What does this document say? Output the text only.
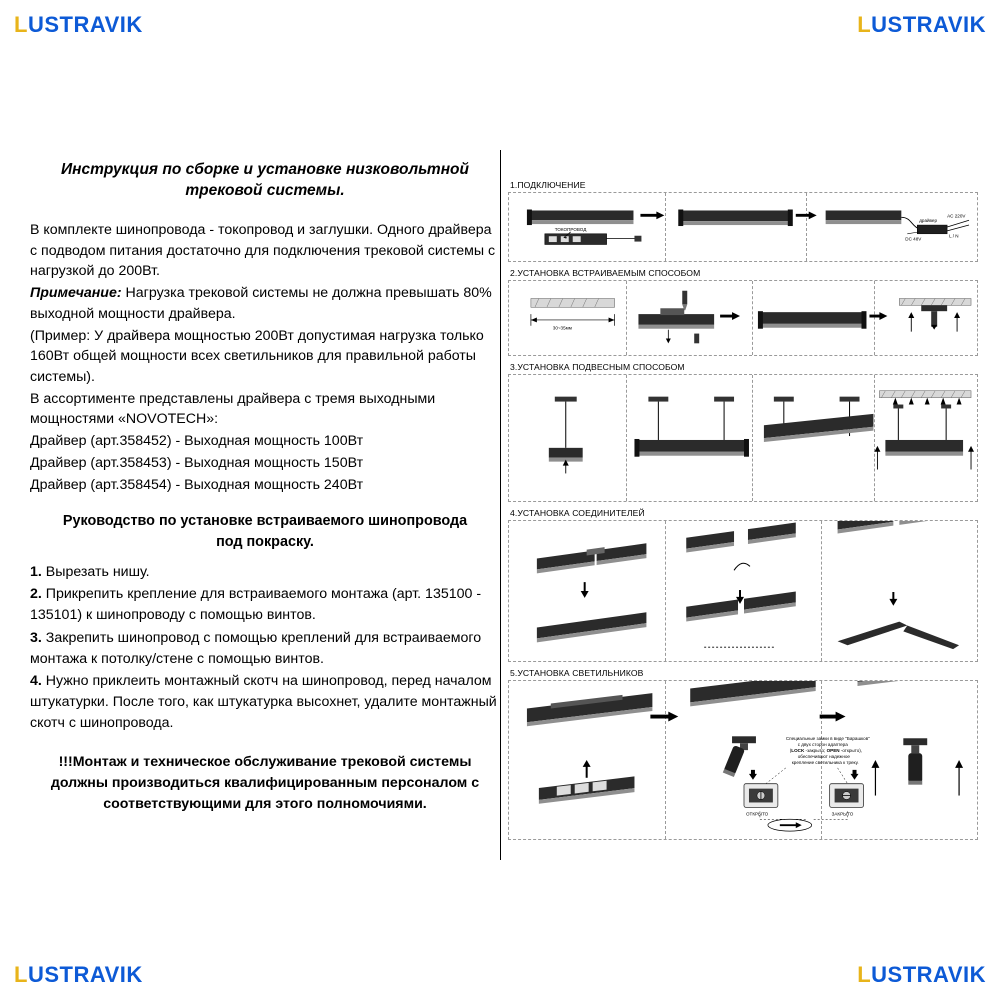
LUSTRAVIK	LUSTRAVIK
LUSTRAVIK	LUSTRAVIK

Инструкция по сборке и установке низковольтной трековой системы.

В комплекте шинопровода - токопровод и заглушки. Одного драйвера с подводом питания достаточно для подключения трековой системы с нагрузкой до 200Вт.

Примечание: Нагрузка трековой системы не должна превышать 80% выходной мощности драйвера.

(Пример: У драйвера мощностью 200Вт допустимая нагрузка только 160Вт общей мощности всех светильников для правильной работы системы).

В ассортименте представлены драйвера с тремя выходными мощностями «NOVOTECH»:

Драйвер (арт.358452) - Выходная мощность 100Вт

Драйвер (арт.358453) - Выходная мощность 150Вт

Драйвер (арт.358454) - Выходная мощность 240Вт

Руководство по установке встраиваемого шинопровода под покраску.

1. Вырезать нишу.

2. Прикрепить крепление для встраиваемого монтажа (арт. 135100 - 135101) к шинопроводу с помощью винтов.

3. Закрепить шинопровод с помощью креплений для встраиваемого монтажа к потолку/стене с помощью винтов.

4. Нужно приклеить монтажный скотч на шинопровод, перед началом штукатурки. После того, как штукатурка высохнет, удалите монтажный скотч с шинопровода.

!!!Монтаж и техническое обслуживание трековой системы должны производиться квалифицированным персоналом с соответствующими для этого полномочиями.

1.ПОДКЛЮЧЕНИЕ
ТОКОПРОВОД
драйвер
AC 220V
DC 48V
L / N
2.УСТАНОВКА ВСТРАИВАЕМЫМ СПОСОБОМ
30~35мм
3.УСТАНОВКА ПОДВЕСНЫМ СПОСОБОМ
4.УСТАНОВКА СОЕДИНИТЕЛЕЙ
5.УСТАНОВКА СВЕТИЛЬНИКОВ
Специальные замки в виде "Барашков"
с двух сторон адаптера
(LOCK -закрыто; OPEN -открыто),
обеспечивают надежное
крепление светильника к треку.
ОТКРЫТО	ЗАКРЫТО
